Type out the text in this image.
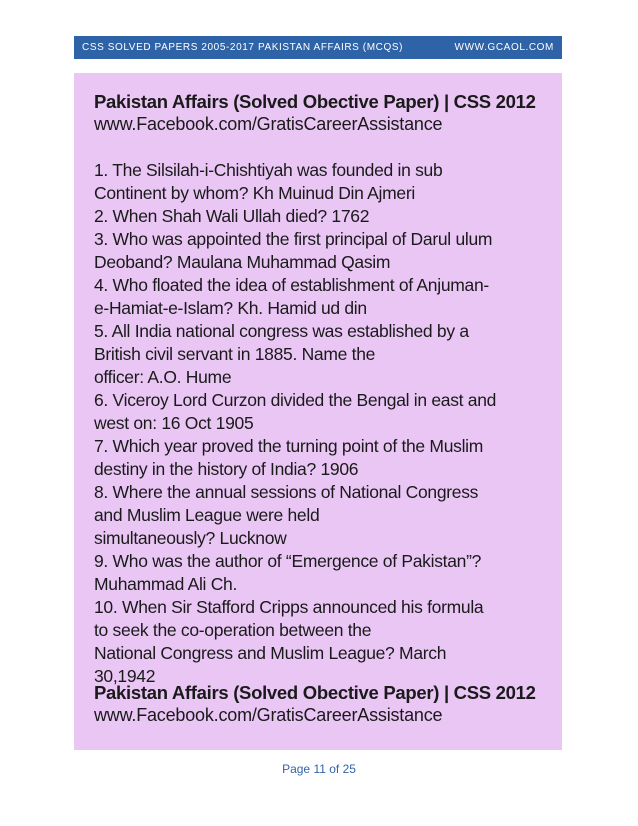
CSS SOLVED PAPERS 2005-2017 PAKISTAN AFFAIRS (MCQS)	WWW.GCAOL.COM
Pakistan Affairs (Solved Obective Paper) | CSS 2012
www.Facebook.com/GratisCareerAssistance

1. The Silsilah-i-Chishtiyah was founded in sub
Continent by whom? Kh Muinud Din Ajmeri

2. When Shah Wali Ullah died? 1762

3. Who was appointed the first principal of Darul ulum
Deoband? Maulana Muhammad Qasim

4. Who floated the idea of establishment of Anjuman-
e-Hamiat-e-Islam? Kh. Hamid ud din

5. All India national congress was established by a
British civil servant in 1885. Name the
officer: A.O. Hume

6. Viceroy Lord Curzon divided the Bengal in east and
west on: 16 Oct 1905

7. Which year proved the turning point of the Muslim
destiny in the history of India? 1906

8. Where the annual sessions of National Congress
and Muslim League were held
simultaneously? Lucknow

9. Who was the author of “Emergence of Pakistan”?
Muhammad Ali Ch.

10. When Sir Stafford Cripps announced his formula
to seek the co-operation between the
National Congress and Muslim League? March
30,1942

Pakistan Affairs (Solved Obective Paper) | CSS 2012
www.Facebook.com/GratisCareerAssistance
Page 11 of 25
